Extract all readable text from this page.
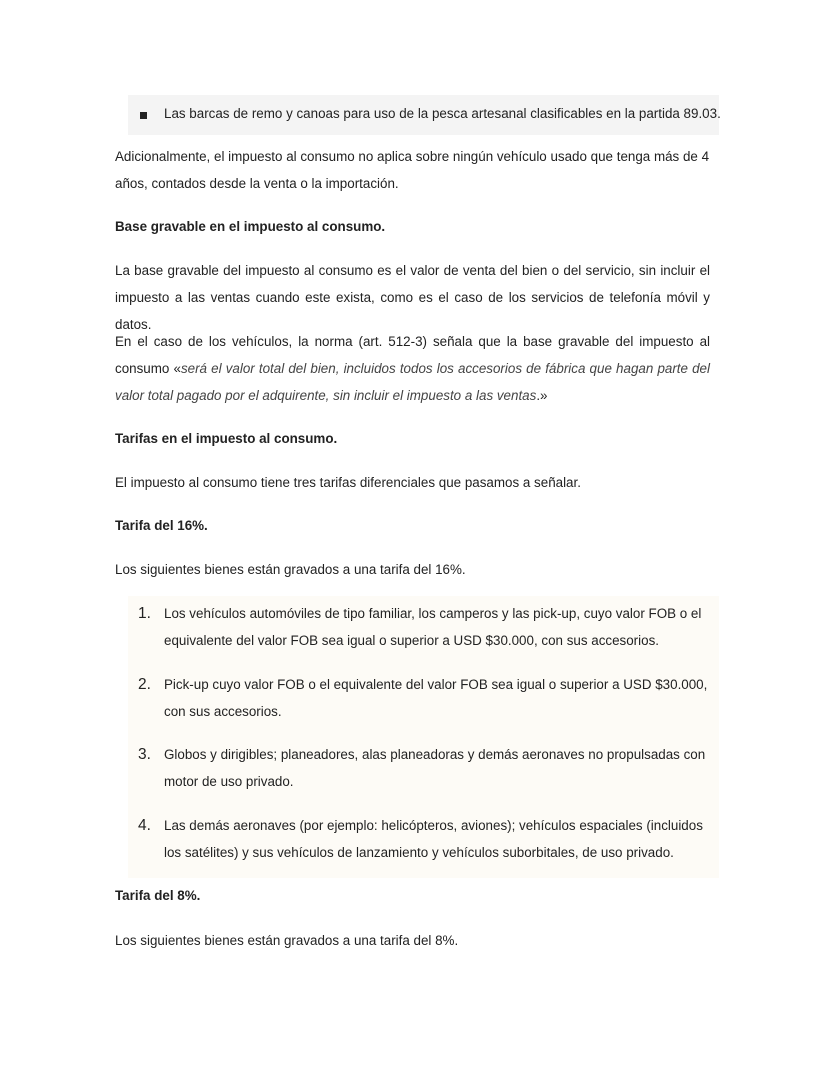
Las barcas de remo y canoas para uso de la pesca artesanal clasificables en la partida 89.03.

Adicionalmente, el impuesto al consumo no aplica sobre ningún vehículo usado que tenga más de 4 años, contados desde la venta o la importación.

Base gravable en el impuesto al consumo.

La base gravable del impuesto al consumo es el valor de venta del bien o del servicio, sin incluir el impuesto a las ventas cuando este exista, como es el caso de los servicios de telefonía móvil y datos.

En el caso de los vehículos, la norma (art. 512-3) señala que la base gravable del impuesto al consumo «será el valor total del bien, incluidos todos los accesorios de fábrica que hagan parte del valor total pagado por el adquirente, sin incluir el impuesto a las ventas.»

Tarifas en el impuesto al consumo.

El impuesto al consumo tiene tres tarifas diferenciales que pasamos a señalar.

Tarifa del 16%.

Los siguientes bienes están gravados a una tarifa del 16%.

1. Los vehículos automóviles de tipo familiar, los camperos y las pick-up, cuyo valor FOB o el equivalente del valor FOB sea igual o superior a USD $30.000, con sus accesorios.
2. Pick-up cuyo valor FOB o el equivalente del valor FOB sea igual o superior a USD $30.000, con sus accesorios.
3. Globos y dirigibles; planeadores, alas planeadoras y demás aeronaves no propulsadas con motor de uso privado.
4. Las demás aeronaves (por ejemplo: helicópteros, aviones); vehículos espaciales (incluidos los satélites) y sus vehículos de lanzamiento y vehículos suborbitales, de uso privado.

Tarifa del 8%.

Los siguientes bienes están gravados a una tarifa del 8%.
